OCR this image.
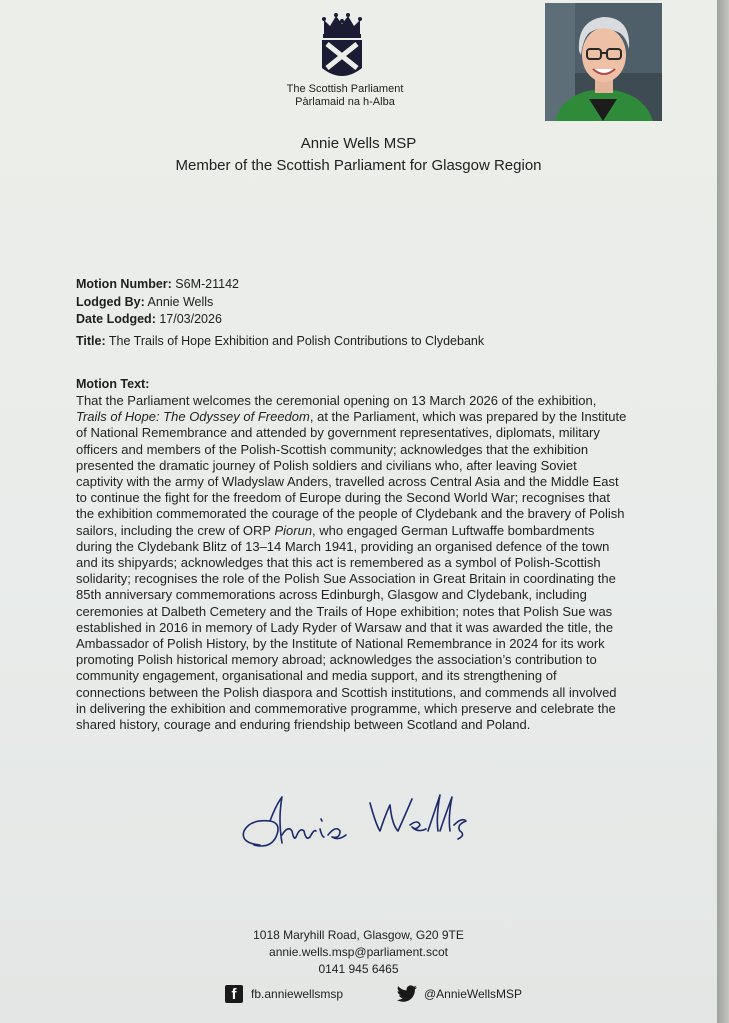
The Scottish Parliament
Pàrlamaid na h-Alba
Annie Wells MSP
Member of the Scottish Parliament for Glasgow Region
Motion Number: S6M-21142
Lodged By: Annie Wells
Date Lodged: 17/03/2026
Title: The Trails of Hope Exhibition and Polish Contributions to Clydebank
Motion Text:
That the Parliament welcomes the ceremonial opening on 13 March 2026 of the exhibition,
Trails of Hope: The Odyssey of Freedom, at the Parliament, which was prepared by the Institute
of National Remembrance and attended by government representatives, diplomats, military
officers and members of the Polish-Scottish community; acknowledges that the exhibition
presented the dramatic journey of Polish soldiers and civilians who, after leaving Soviet
captivity with the army of Wladyslaw Anders, travelled across Central Asia and the Middle East
to continue the fight for the freedom of Europe during the Second World War; recognises that
the exhibition commemorated the courage of the people of Clydebank and the bravery of Polish
sailors, including the crew of ORP Piorun, who engaged German Luftwaffe bombardments
during the Clydebank Blitz of 13–14 March 1941, providing an organised defence of the town
and its shipyards; acknowledges that this act is remembered as a symbol of Polish-Scottish
solidarity; recognises the role of the Polish Sue Association in Great Britain in coordinating the
85th anniversary commemorations across Edinburgh, Glasgow and Clydebank, including
ceremonies at Dalbeth Cemetery and the Trails of Hope exhibition; notes that Polish Sue was
established in 2016 in memory of Lady Ryder of Warsaw and that it was awarded the title, the
Ambassador of Polish History, by the Institute of National Remembrance in 2024 for its work
promoting Polish historical memory abroad; acknowledges the association’s contribution to
community engagement, organisational and media support, and its strengthening of
connections between the Polish diaspora and Scottish institutions, and commends all involved
in delivering the exhibition and commemorative programme, which preserve and celebrate the
shared history, courage and enduring friendship between Scotland and Poland.
1018 Maryhill Road, Glasgow, G20 9TE
annie.wells.msp@parliament.scot
0141 945 6465
f	fb.anniewellsmsp	@AnnieWellsMSP
